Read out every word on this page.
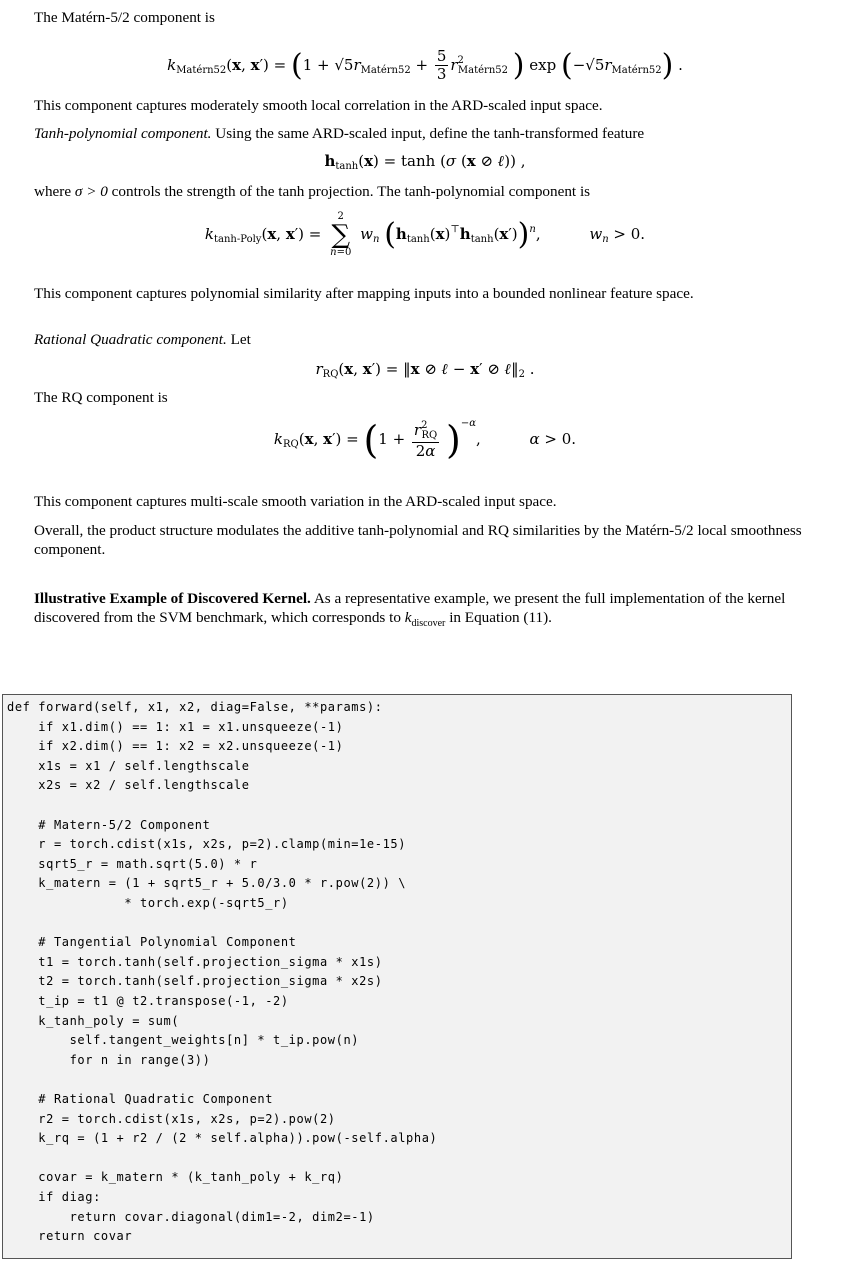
The Matérn-5/2 component is

$k_{Matérn52}(x$, $x') = (1 + √5r_{Matérn52} + \frac{5}{3} r^2_{Matérn52}$ ) $\exp (-√5r_{Matérn52})$ .

This component captures moderately smooth local correlation in the ARD-scaled input space.

Tanh-polynomial component. Using the same ARD-scaled input, define the tanh-transformed feature

$h_{tanh}(x) = \tanh (\sigma$ (x ⊘ ℓ)) ,

where σ > 0 controls the strength of the tanh projection. The tanh-polynomial component is

$k_{tanh-Poly}(x$, x′) =
2
∑
n=0
$w_n$ $(h_{tanh}(x)^⊤h_{tanh}(x'))^n$,	$w_n > 0$.

This component captures polynomial similarity after mapping inputs into a bounded nonlinear feature space.

Rational Quadratic component. Let

$r_{RQ}(x$, x′) = ‖x ⊘ ℓ − x′ ⊘ $\ell‖_2$ .

The RQ component is

$k_{RQ}(x$, $x') = (1 + \frac{r^2_{RQ}}{2\alpha} )^{-\alpha}$,	α > 0.

This component captures multi-scale smooth variation in the ARD-scaled input space.

Overall, the product structure modulates the additive tanh-polynomial and RQ similarities by the Matérn-5/2 local smoothness component.

Illustrative Example of Discovered Kernel. As a representative example, we present the full implementation of the kernel discovered from the SVM benchmark, which corresponds to $k_{discover}$ in Equation (11).

def forward(self, x1, x2, diag=False, **params):
if x1.dim() == 1: x1 = x1.unsqueeze(-1)
if x2.dim() == 1: x2 = x2.unsqueeze(-1)
x1s = x1 / self.lengthscale
x2s = x2 / self.lengthscale
# Matern-5/2 Component
r = torch.cdist(x1s, x2s, p=2).clamp(min=1e-15)
sqrt5_r = math.sqrt(5.0) * r
k_matern = (1 + sqrt5_r + 5.0/3.0 * r.pow(2)) \
* torch.exp(-sqrt5_r)
# Tangential Polynomial Component
t1 = torch.tanh(self.projection_sigma * x1s)
t2 = torch.tanh(self.projection_sigma * x2s)
t_ip = t1 @ t2.transpose(-1, -2)
k_tanh_poly = sum(
self.tangent_weights[n] * t_ip.pow(n)
for n in range(3))
# Rational Quadratic Component
r2 = torch.cdist(x1s, x2s, p=2).pow(2)
k_rq = (1 + r2 / (2 * self.alpha)).pow(-self.alpha)
covar = k_matern * (k_tanh_poly + k_rq)
if diag:
return covar.diagonal(dim1=-2, dim2=-1)
return covar
